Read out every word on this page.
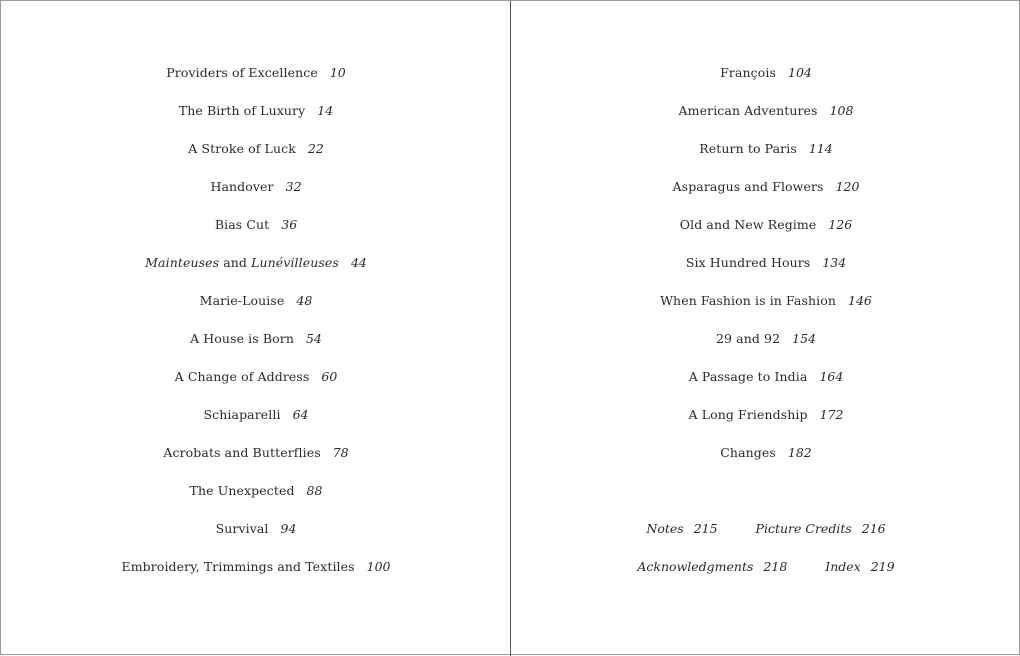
Providers of Excellence 10
The Birth of Luxury 14
A Stroke of Luck 22
Handover 32
Bias Cut 36
Mainteuses and Lunévilleuses 44
Marie-Louise 48
A House is Born 54
A Change of Address 60
Schiaparelli 64
Acrobats and Butterflies 78
The Unexpected 88
Survival 94
Embroidery, Trimmings and Textiles 100
François 104
American Adventures 108
Return to Paris 114
Asparagus and Flowers 120
Old and New Regime 126
Six Hundred Hours 134
When Fashion is in Fashion 146
29 and 92 154
A Passage to India 164
A Long Friendship 172
Changes 182
Notes 215	Picture Credits 216
Acknowledgments 218	Index 219
